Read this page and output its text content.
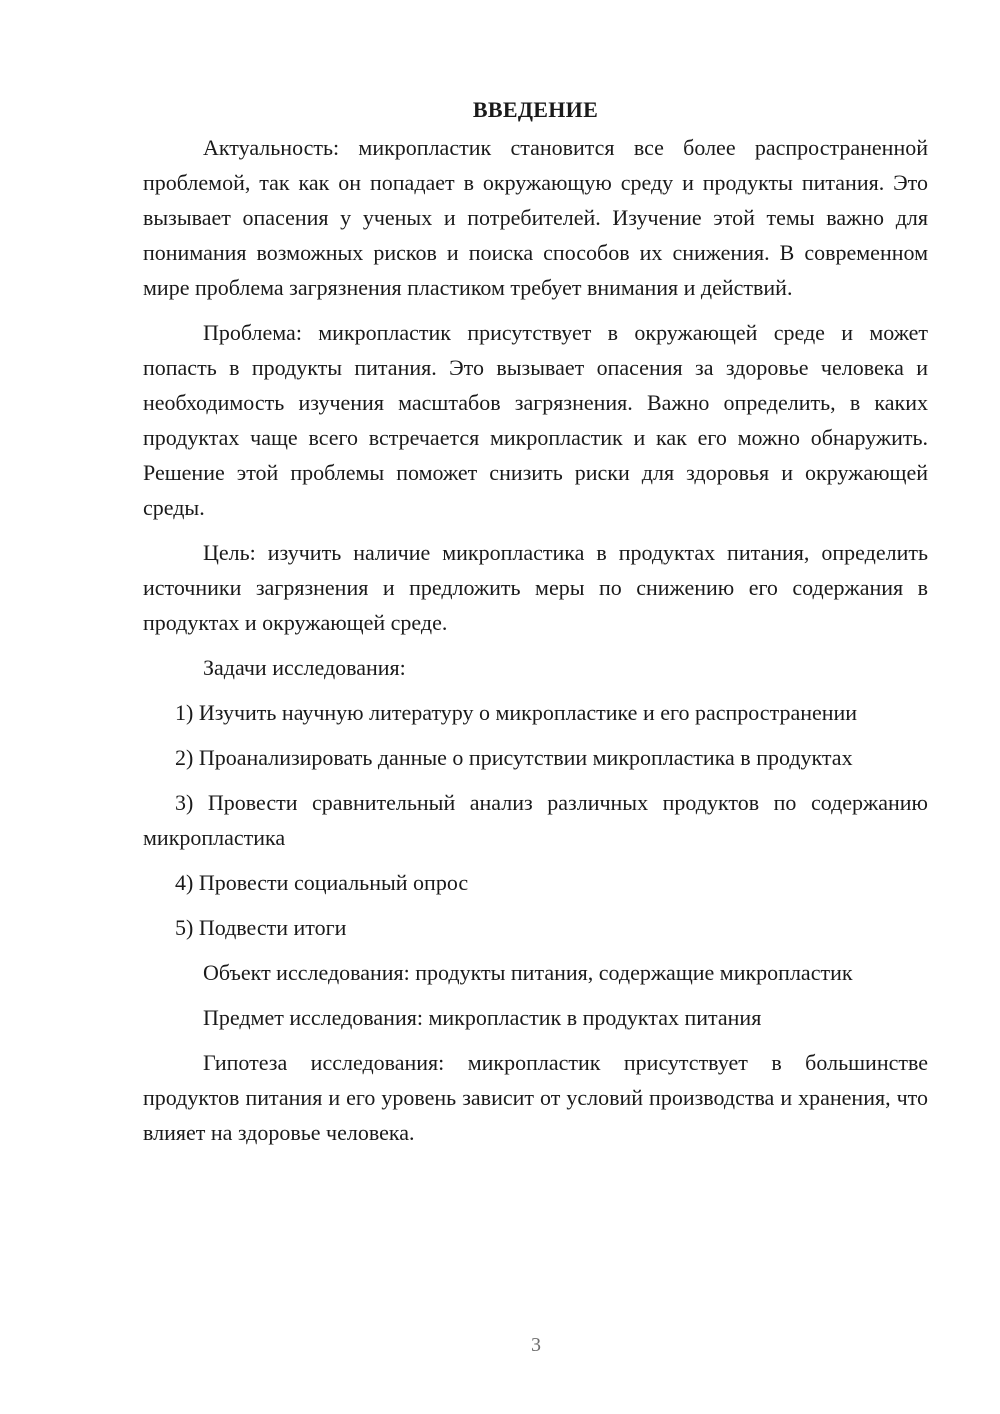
ВВЕДЕНИЕ

Актуальность: микропластик становится все более распространенной проблемой, так как он попадает в окружающую среду и продукты питания. Это вызывает опасения у ученых и потребителей. Изучение этой темы важно для понимания возможных рисков и поиска способов их снижения. В современном мире проблема загрязнения пластиком требует внимания и действий.

Проблема: микропластик присутствует в окружающей среде и может попасть в продукты питания. Это вызывает опасения за здоровье человека и необходимость изучения масштабов загрязнения. Важно определить, в каких продуктах чаще всего встречается микропластик и как его можно обнаружить. Решение этой проблемы поможет снизить риски для здоровья и окружающей среды.

Цель: изучить наличие микропластика в продуктах питания, определить источники загрязнения и предложить меры по снижению его содержания в продуктах и окружающей среде.

Задачи исследования:

1) Изучить научную литературу о микропластике и его распространении

2) Проанализировать данные о присутствии микропластика в продуктах

3) Провести сравнительный анализ различных продуктов по содержанию микропластика

4) Провести социальный опрос

5) Подвести итоги

Объект исследования: продукты питания, содержащие микропластик

Предмет исследования: микропластик в продуктах питания

Гипотеза исследования: микропластик присутствует в большинстве продуктов питания и его уровень зависит от условий производства и хранения, что влияет на здоровье человека.

3
